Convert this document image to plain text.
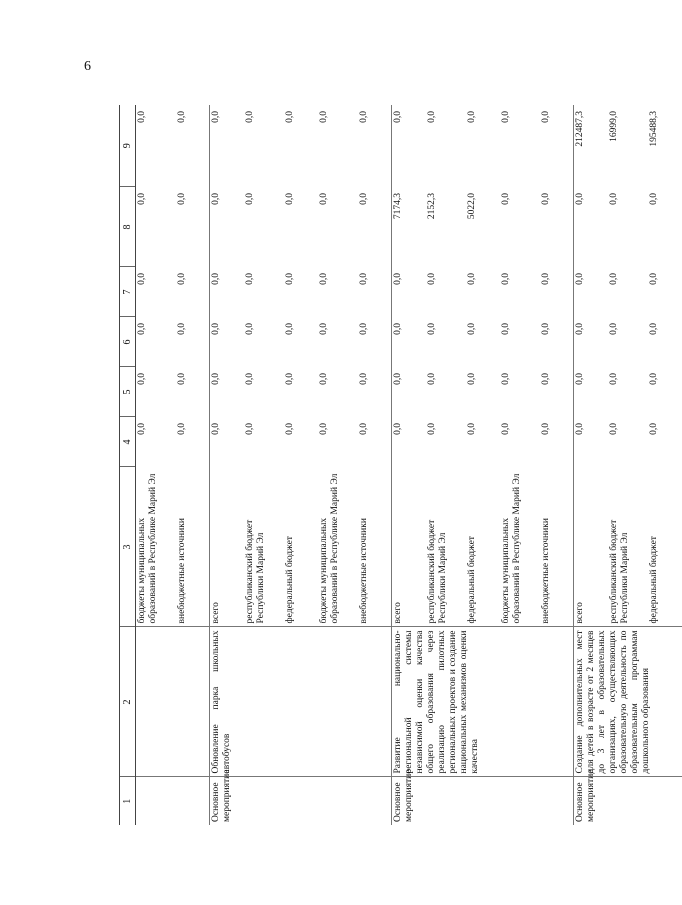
6
1	2	3	4	5	6	7	8	9
		бюджеты муниципальных образований в Республике Марий Эл	0,0	0,0	0,0	0,0	0,0	0,0
		внебюджетные источники	0,0	0,0	0,0	0,0	0,0	0,0
Основное мероприятие	Обновление парка школьных автобусов	всего	0,0	0,0	0,0	0,0	0,0	0,0
		республиканский бюджет Республики Марий Эл	0,0	0,0	0,0	0,0	0,0	0,0
		федеральный бюджет	0,0	0,0	0,0	0,0	0,0	0,0
		бюджеты муниципальных образований в Республике Марий Эл	0,0	0,0	0,0	0,0	0,0	0,0
		внебюджетные источники	0,0	0,0	0,0	0,0	0,0	0,0
Основное мероприятие	Развитие национально-региональной системы независимой оценки качества общего образования через реализацию пилотных региональных проектов и создание национальных механизмов оценки качества	всего	0,0	0,0	0,0	0,0	7174,3	0,0
		республиканский бюджет Республики Марий Эл	0,0	0,0	0,0	0,0	2152,3	0,0
		федеральный бюджет	0,0	0,0	0,0	0,0	5022,0	0,0
		бюджеты муниципальных образований в Республике Марий Эл	0,0	0,0	0,0	0,0	0,0	0,0
		внебюджетные источники	0,0	0,0	0,0	0,0	0,0	0,0
Основное мероприятие	Создание дополнительных мест для детей в возрасте от 2 месяцев до 3 лет в образовательных организациях, осуществляющих образовательную деятельность по образовательным программам дошкольного образования	всего	0,0	0,0	0,0	0,0	0,0	212487,3
		республиканский бюджет Республики Марий Эл	0,0	0,0	0,0	0,0	0,0	16999,0
		федеральный бюджет	0,0	0,0	0,0	0,0	0,0	195488,3
